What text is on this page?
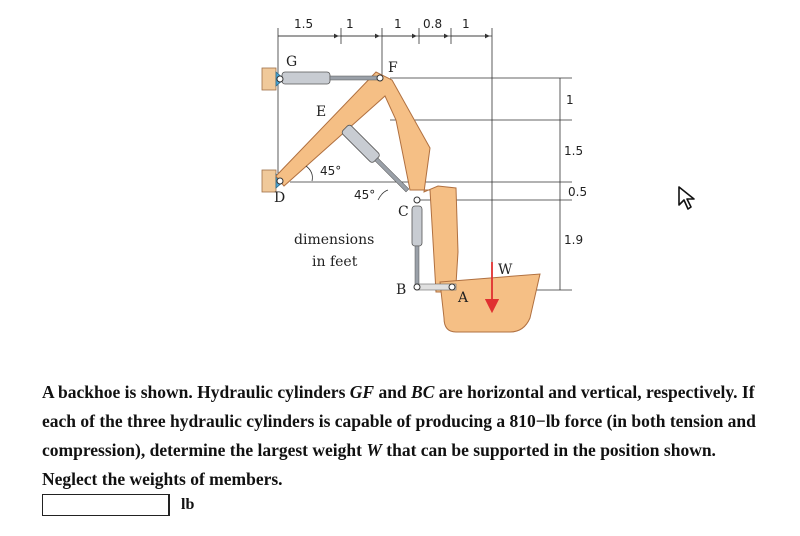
1.5	1	1 0.8 1
1
1.5
0.5
1.9
G	F
E
D
C
B	A
45°
45°
dimensions
in feet	W
A backhoe is shown. Hydraulic cylinders GF and BC are horizontal and vertical, respectively. If each of the three hydraulic cylinders is capable of producing a 810−lb force (in both tension and compression), determine the largest weight W that can be supported in the position shown. Neglect the weights of members.
lb
